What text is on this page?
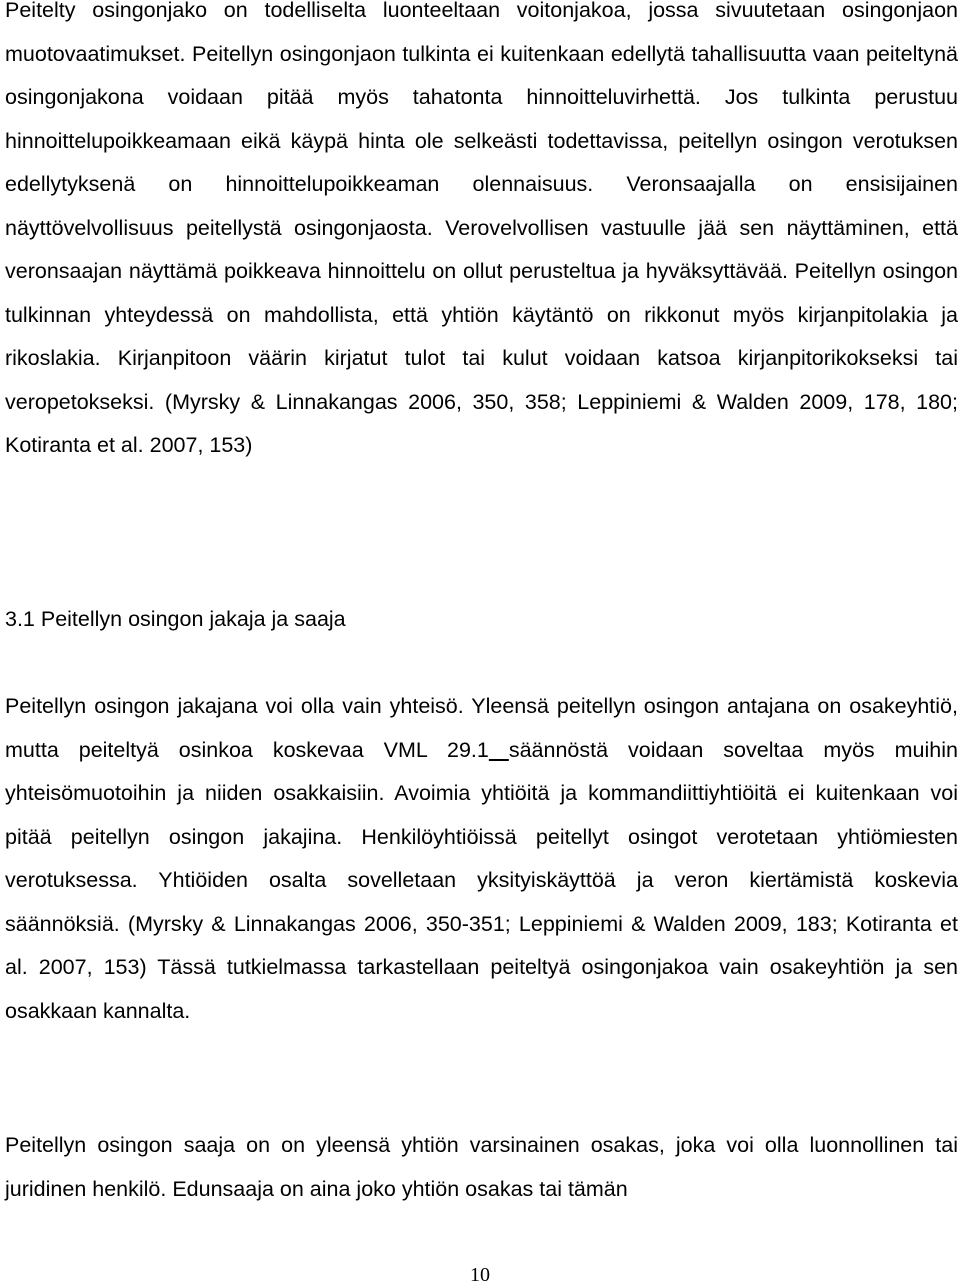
Peitelty osingonjako on todelliselta luonteeltaan voitonjakoa, jossa sivuutetaan osingonjaon muotovaatimukset. Peitellyn osingonjaon tulkinta ei kuitenkaan edellytä tahallisuutta vaan peiteltynä osingonjakona voidaan pitää myös tahatonta hinnoitteluvirhettä. Jos tulkinta perustuu hinnoittelupoikkeamaan eikä käypä hinta ole selkeästi todettavissa, peitellyn osingon verotuksen edellytyksenä on hinnoittelupoikkeaman olennaisuus. Veronsaajalla on ensisijainen näyttövelvollisuus peitellystä osingonjaosta. Verovelvollisen vastuulle jää sen näyttäminen, että veronsaajan näyttämä poikkeava hinnoittelu on ollut perusteltua ja hyväksyttävää. Peitellyn osingon tulkinnan yhteydessä on mahdollista, että yhtiön käytäntö on rikkonut myös kirjanpitolakia ja rikoslakia. Kirjanpitoon väärin kirjatut tulot tai kulut voidaan katsoa kirjanpitorikokseksi tai veropetokseksi. (Myrsky & Linnakangas 2006, 350, 358; Leppiniemi & Walden 2009, 178, 180; Kotiranta et al. 2007, 153)

3.1 Peitellyn osingon jakaja ja saaja

Peitellyn osingon jakajana voi olla vain yhteisö. Yleensä peitellyn osingon antajana on osakeyhtiö, mutta peiteltyä osinkoa koskevaa VML 29.1 säännöstä voidaan soveltaa myös muihin yhteisömuotoihin ja niiden osakkaisiin. Avoimia yhtiöitä ja kommandiittiyhtiöitä ei kuitenkaan voi pitää peitellyn osingon jakajina. Henkilöyhtiöissä peitellyt osingot verotetaan yhtiömiesten verotuksessa. Yhtiöiden osalta sovelletaan yksityiskäyttöä ja veron kiertämistä koskevia säännöksiä. (Myrsky & Linnakangas 2006, 350-351; Leppiniemi & Walden 2009, 183; Kotiranta et al. 2007, 153) Tässä tutkielmassa tarkastellaan peiteltyä osingonjakoa vain osakeyhtiön ja sen osakkaan kannalta.

Peitellyn osingon saaja on on yleensä yhtiön varsinainen osakas, joka voi olla luonnollinen tai juridinen henkilö. Edunsaaja on aina joko yhtiön osakas tai tämän

10
